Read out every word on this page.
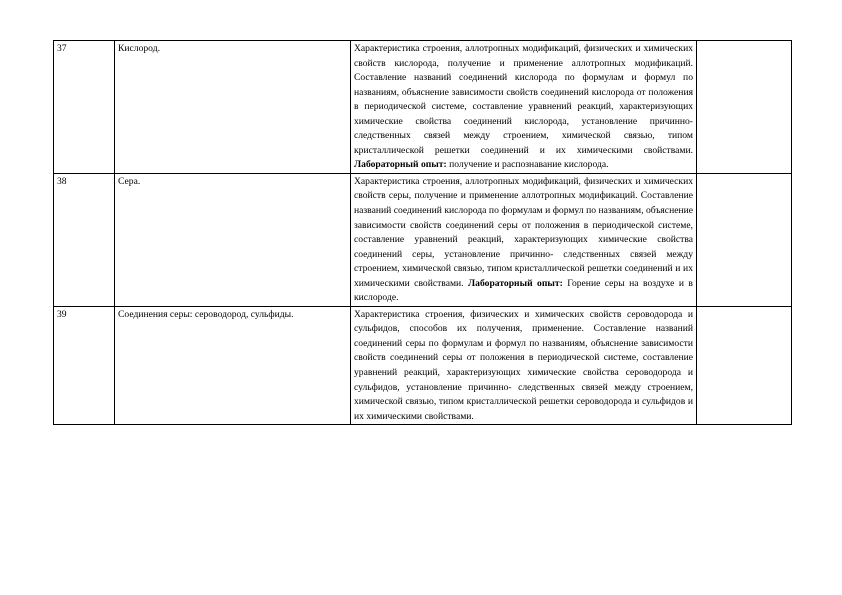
37	Кислород.	Характеристика строения, аллотропных модификаций, физических и химических свойств кислорода, получение и применение аллотропных модификаций. Составление названий соединений кислорода по формулам и формул по названиям, объяснение зависимости свойств соединений кислорода от положения в периодической системе, составление уравнений реакций, характеризующих химические свойства соединений кислорода, установление причинно- следственных связей между строением, химической связью, типом кристаллической решетки соединений и их химическими свойствами. Лабораторный опыт: получение и распознавание кислорода.	
38	Сера.	Характеристика строения, аллотропных модификаций, физических и химических свойств серы, получение и применение аллотропных модификаций. Составление названий соединений кислорода по формулам и формул по названиям, объяснение зависимости свойств соединений серы от положения в периодической системе, составление уравнений реакций, характеризующих химические свойства соединений серы, установление причинно- следственных связей между строением, химической связью, типом кристаллической решетки соединений и их химическими свойствами. Лабораторный опыт: Горение серы на воздухе и в кислороде.	
39	Соединения серы: сероводород, сульфиды.	Характеристика строения, физических и химических свойств сероводорода и сульфидов, способов их получения, применение. Составление названий соединений серы по формулам и формул по названиям, объяснение зависимости свойств соединений серы от положения в периодической системе, составление уравнений реакций, характеризующих химические свойства сероводорода и сульфидов, установление причинно- следственных связей между строением, химической связью, типом кристаллической решетки сероводорода и сульфидов и их химическими свойствами.	
